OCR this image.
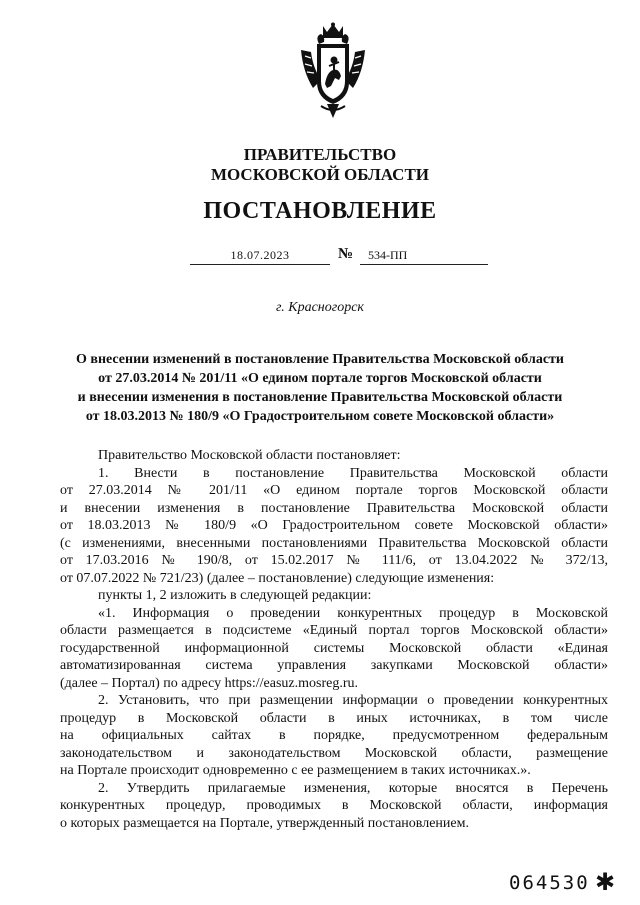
ПРАВИТЕЛЬСТВО
МОСКОВСКОЙ ОБЛАСТИ
ПОСТАНОВЛЕНИЕ
18.07.2023	№	534-ПП
г. Красногорск
О внесении изменений в постановление Правительства Московской области
от 27.03.2014 № 201/11 «О едином портале торгов Московской области
и внесении изменения в постановление Правительства Московской области
от 18.03.2013 № 180/9 «О Градостроительном совете Московской области»

Правительство Московской области постановляет:

1. Внести в постановление Правительства Московской области

от 27.03.2014 № 201/11 «О едином портале торгов Московской области

и внесении изменения в постановление Правительства Московской области

от 18.03.2013 № 180/9 «О Градостроительном совете Московской области»

(с изменениями, внесенными постановлениями Правительства Московской области

от 17.03.2016 № 190/8, от 15.02.2017 № 111/6, от 13.04.2022 № 372/13,

от 07.07.2022 № 721/23) (далее – постановление) следующие изменения:

пункты 1, 2 изложить в следующей редакции:

«1. Информация о проведении конкурентных процедур в Московской

области размещается в подсистеме «Единый портал торгов Московской области»

государственной информационной системы Московской области «Единая

автоматизированная система управления закупками Московской области»

(далее – Портал) по адресу https://easuz.mosreg.ru.

2. Установить, что при размещении информации о проведении конкурентных

процедур в Московской области в иных источниках, в том числе

на официальных сайтах в порядке, предусмотренном федеральным

законодательством и законодательством Московской области, размещение

на Портале происходит одновременно с ее размещением в таких источниках.».

2. Утвердить прилагаемые изменения, которые вносятся в Перечень

конкурентных процедур, проводимых в Московской области, информация

о которых размещается на Портале, утвержденный постановлением.

064530 ✱
